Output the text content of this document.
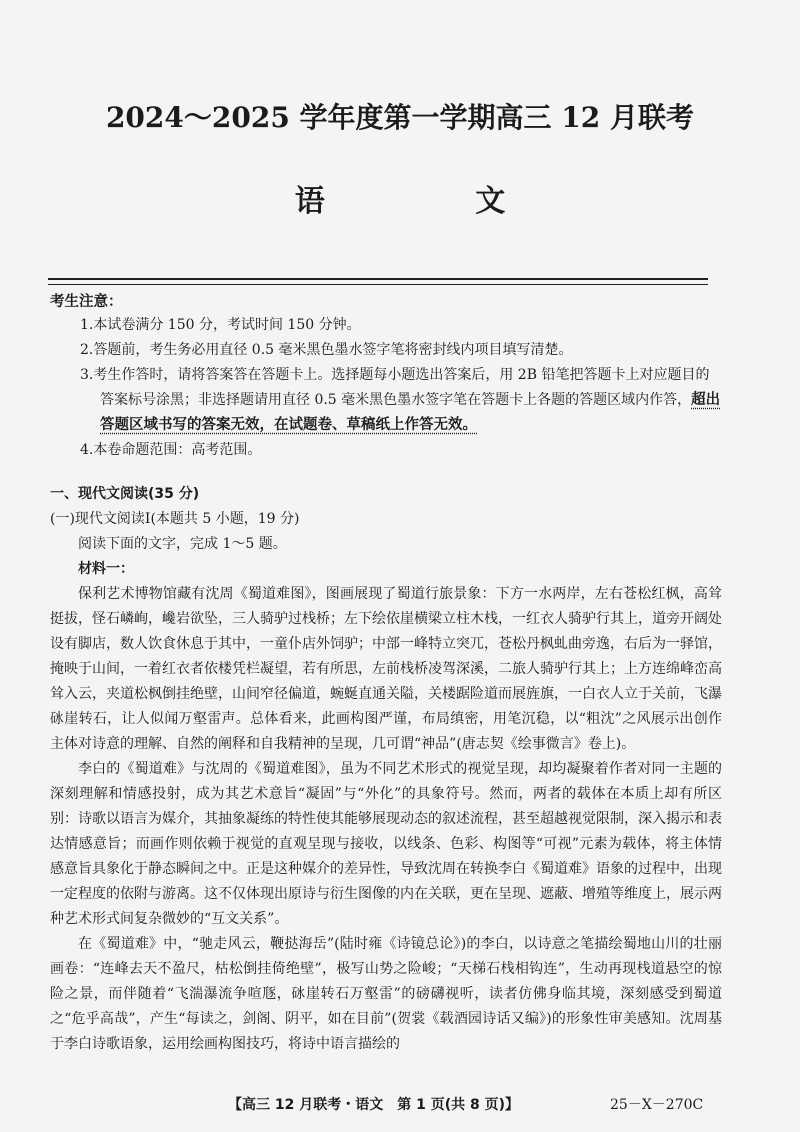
2024～2025 学年度第一学期高三 12 月联考
语 文
考生注意：
1.本试卷满分 150 分，考试时间 150 分钟。
2.答题前，考生务必用直径 0.5 毫米黑色墨水签字笔将密封线内项目填写清楚。
3.考生作答时，请将答案答在答题卡上。选择题每小题选出答案后，用 2B 铅笔把答题卡上对应题目的答案标号涂黑；非选择题请用直径 0.5 毫米黑色墨水签字笔在答题卡上各题的答题区域内作答，超出答题区域书写的答案无效，在试题卷、草稿纸上作答无效。
4.本卷命题范围：高考范围。
一、现代文阅读(35 分)
(一)现代文阅读Ⅰ(本题共 5 小题，19 分)
阅读下面的文字，完成 1～5 题。
材料一：
保利艺术博物馆藏有沈周《蜀道难图》，图画展现了蜀道行旅景象：下方一水两岸，左右苍松红枫，高耸挺拔，怪石嶙峋，巉岩欲坠，三人骑驴过栈桥；左下绘依崖横梁立柱木栈，一红衣人骑驴行其上，道旁开阔处设有脚店，数人饮食休息于其中，一童仆店外饲驴；中部一峰特立突兀，苍松丹枫虬曲旁逸，右后为一驿馆，掩映于山间，一着红衣者依楼凭栏凝望，若有所思，左前栈桥凌驾深溪，二旅人骑驴行其上；上方连绵峰峦高耸入云，夹道松枫倒挂绝壁，山间窄径偏道，蜿蜒直通关隘，关楼踞险道而展旌旗，一白衣人立于关前，飞瀑砯崖转石，让人似闻万壑雷声。总体看来，此画构图严谨，布局缜密，用笔沉稳，以“粗沈”之风展示出创作主体对诗意的理解、自然的阐释和自我精神的呈现，几可谓“神品”(唐志契《绘事微言》卷上)。
李白的《蜀道难》与沈周的《蜀道难图》，虽为不同艺术形式的视觉呈现，却均凝聚着作者对同一主题的深刻理解和情感投射，成为其艺术意旨“凝固”与“外化”的具象符号。然而，两者的载体在本质上却有所区别：诗歌以语言为媒介，其抽象凝练的特性使其能够展现动态的叙述流程，甚至超越视觉限制，深入揭示和表达情感意旨；而画作则依赖于视觉的直观呈现与接收，以线条、色彩、构图等“可视”元素为载体，将主体情感意旨具象化于静态瞬间之中。正是这种媒介的差异性，导致沈周在转换李白《蜀道难》语象的过程中，出现一定程度的依附与游离。这不仅体现出原诗与衍生图像的内在关联，更在呈现、遮蔽、增殖等维度上，展示两种艺术形式间复杂微妙的“互文关系”。
在《蜀道难》中，“驰走风云，鞭挞海岳”(陆时雍《诗镜总论》)的李白，以诗意之笔描绘蜀地山川的壮丽画卷：“连峰去天不盈尺，枯松倒挂倚绝壁”，极写山势之险峻；“天梯石栈相钩连”，生动再现栈道悬空的惊险之景，而伴随着“飞湍瀑流争喧豗，砯崖转石万壑雷”的磅礴视听，读者仿佛身临其境，深刻感受到蜀道之“危乎高哉”，产生“每读之，剑阁、阴平，如在目前”(贺裳《载酒园诗话又编》)的形象性审美感知。沈周基于李白诗歌语象，运用绘画构图技巧，将诗中语言描绘的
【高三 12 月联考・语文　第 1 页(共 8 页)】	25－X－270C
